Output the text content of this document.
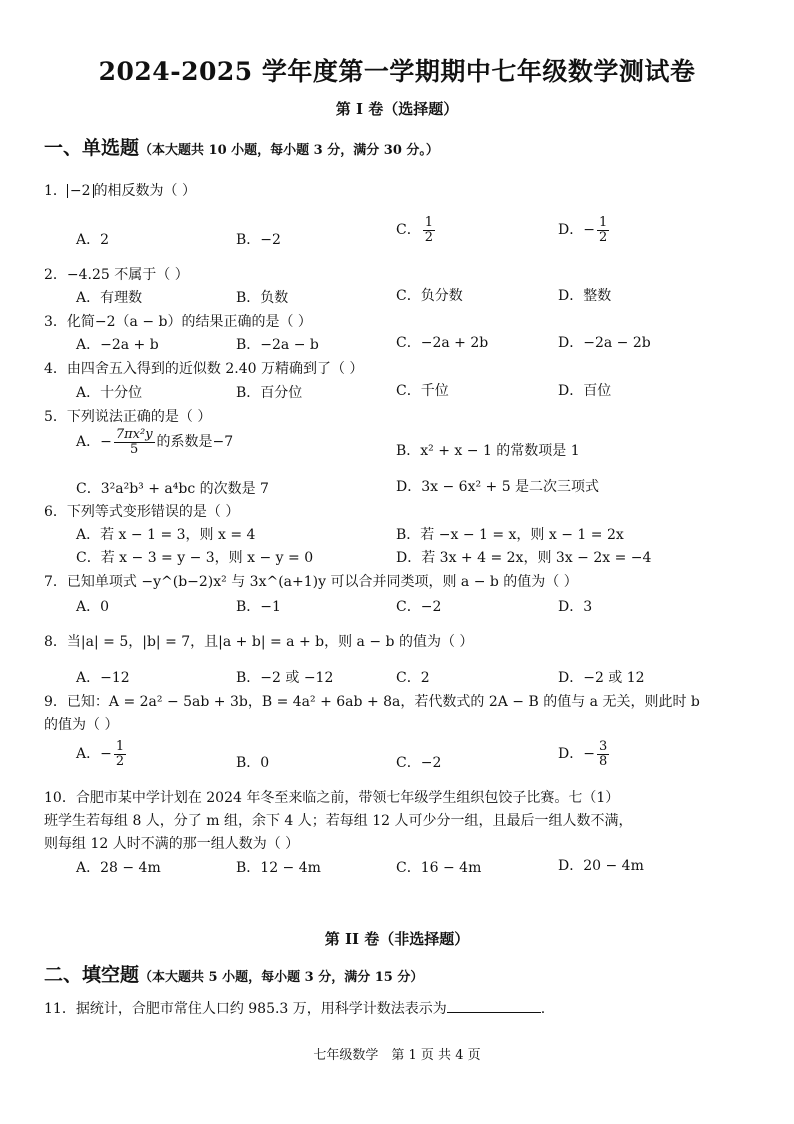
2024-2025 学年度第一学期期中七年级数学测试卷
第 I 卷（选择题）
一、单选题（本大题共 10 小题，每小题 3 分，满分 30 分。）
1． −2 的相反数为（ ）
A．2	B．−2
C． $\frac{1}{2}$	D．− $\frac{1}{2}$
2．−4.25 不属于（ ）
A．有理数	B．负数	C．负分数	D．整数
3．化简−2（a − b）的结果正确的是（ ）
A．−2a + b	B．−2a − b	C．−2a + 2b	D．−2a − 2b
4．由四舍五入得到的近似数 2.40 万精确到了（ ）
A．十分位	B．百分位	C．千位	D．百位
5．下列说法正确的是（ ）
A．− $\frac{\text{7πx²y}}{5}$ 的系数是−7
B．x² + x − 1 的常数项是 1
C．3²a²b³ + a⁴bc 的次数是 7	D．3x − 6x² + 5 是二次三项式
6．下列等式变形错误的是（ ）
A．若 x − 1 = 3，则 x = 4	B．若 −x − 1 = x，则 x − 1 = 2x
C．若 x − 3 = y − 3，则 x − y = 0	D．若 3x + 4 = 2x，则 3x − 2x = −4
7．已知单项式 −y^(b−2)x² 与 3x^(a+1)y 可以合并同类项，则 a − b 的值为（ ）
A．0	B．−1	C．−2	D．3
8．当|a| = 5，|b| = 7，且|a + b| = a + b，则 a − b 的值为（ ）
A．−12	B．−2 或 −12	C．2	D．−2 或 12
9．已知：A = 2a² − 5ab + 3b，B = 4a² + 6ab + 8a，若代数式的 2A − B 的值与 a 无关，则此时 b
的值为（ ）
A．− $\frac{1}{2}$	B．0	C．−2
D．− $\frac{3}{8}$
10．合肥市某中学计划在 2024 年冬至来临之前，带领七年级学生组织包饺子比赛。七（1）
班学生若每组 8 人，分了 m 组，余下 4 人；若每组 12 人可少分一组，且最后一组人数不满，
则每组 12 人时不满的那一组人数为（ ）
A．28 − 4m	B．12 − 4m	C．16 − 4m	D．20 − 4m
第 II 卷（非选择题）
二、填空题（本大题共 5 小题，每小题 3 分，满分 15 分）
11．据统计，合肥市常住人口约 985.3 万，用科学计数法表示为	.
七年级数学　第 1 页 共 4 页
